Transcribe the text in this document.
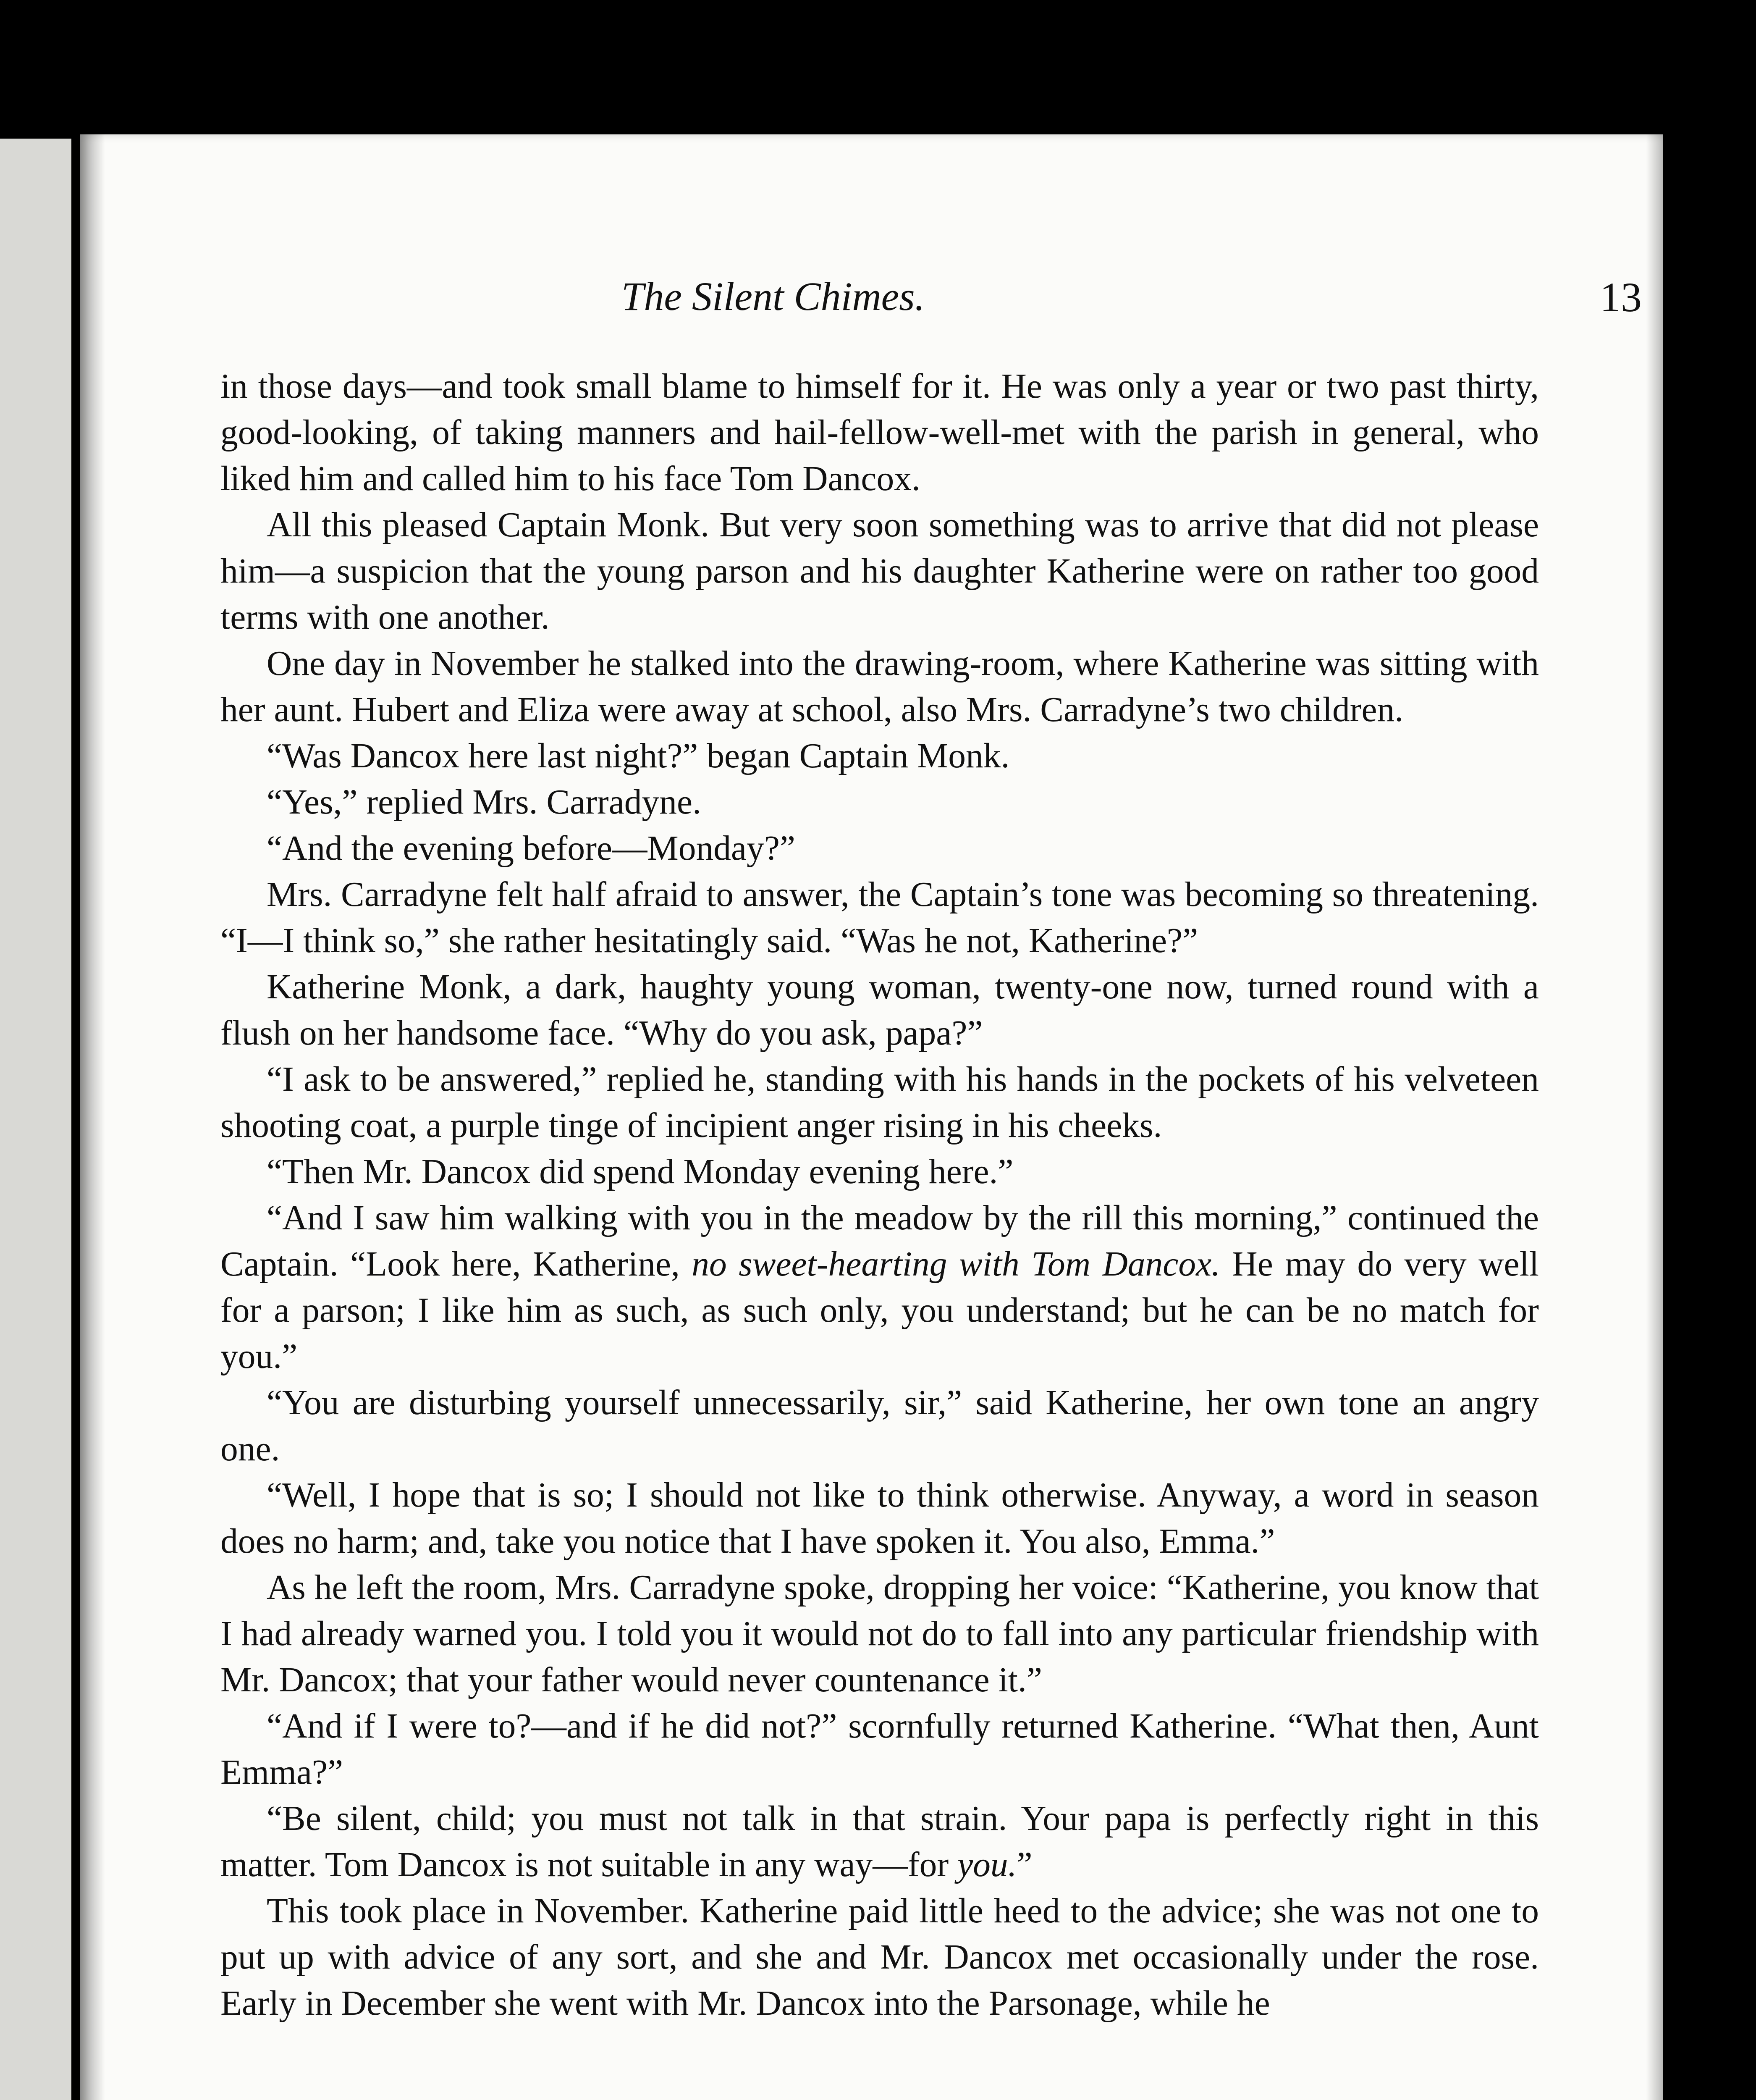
The Silent Chimes.	13

in those days—and took small blame to himself for it. He was only a year or two past thirty, good-looking, of taking manners and hail-fellow-well-met with the parish in general, who liked him and called him to his face Tom Dancox.

All this pleased Captain Monk. But very soon something was to arrive that did not please him—a suspicion that the young parson and his daughter Katherine were on rather too good terms with one another.

One day in November he stalked into the drawing-room, where Katherine was sitting with her aunt. Hubert and Eliza were away at school, also Mrs. Carradyne’s two children.

“Was Dancox here last night?” began Captain Monk.

“Yes,” replied Mrs. Carradyne.

“And the evening before—Monday?”

Mrs. Carradyne felt half afraid to answer, the Captain’s tone was becoming so threatening. “I—I think so,” she rather hesitatingly said. “Was he not, Katherine?”

Katherine Monk, a dark, haughty young woman, twenty-one now, turned round with a flush on her handsome face. “Why do you ask, papa?”

“I ask to be answered,” replied he, standing with his hands in the pockets of his velveteen shooting coat, a purple tinge of incipient anger rising in his cheeks.

“Then Mr. Dancox did spend Monday evening here.”

“And I saw him walking with you in the meadow by the rill this morning,” continued the Captain. “Look here, Katherine, no sweet-hearting with Tom Dancox. He may do very well for a parson; I like him as such, as such only, you understand; but he can be no match for you.”

“You are disturbing yourself unnecessarily, sir,” said Katherine, her own tone an angry one.

“Well, I hope that is so; I should not like to think otherwise. Anyway, a word in season does no harm; and, take you notice that I have spoken it. You also, Emma.”

As he left the room, Mrs. Carradyne spoke, dropping her voice: “Katherine, you know that I had already warned you. I told you it would not do to fall into any particular friendship with Mr. Dancox; that your father would never countenance it.”

“And if I were to?—and if he did not?” scornfully returned Katherine. “What then, Aunt Emma?”

“Be silent, child; you must not talk in that strain. Your papa is perfectly right in this matter. Tom Dancox is not suitable in any way—for you.”

This took place in November. Katherine paid little heed to the advice; she was not one to put up with advice of any sort, and she and Mr. Dancox met occasionally under the rose. Early in December she went with Mr. Dancox into the Parsonage, while he
